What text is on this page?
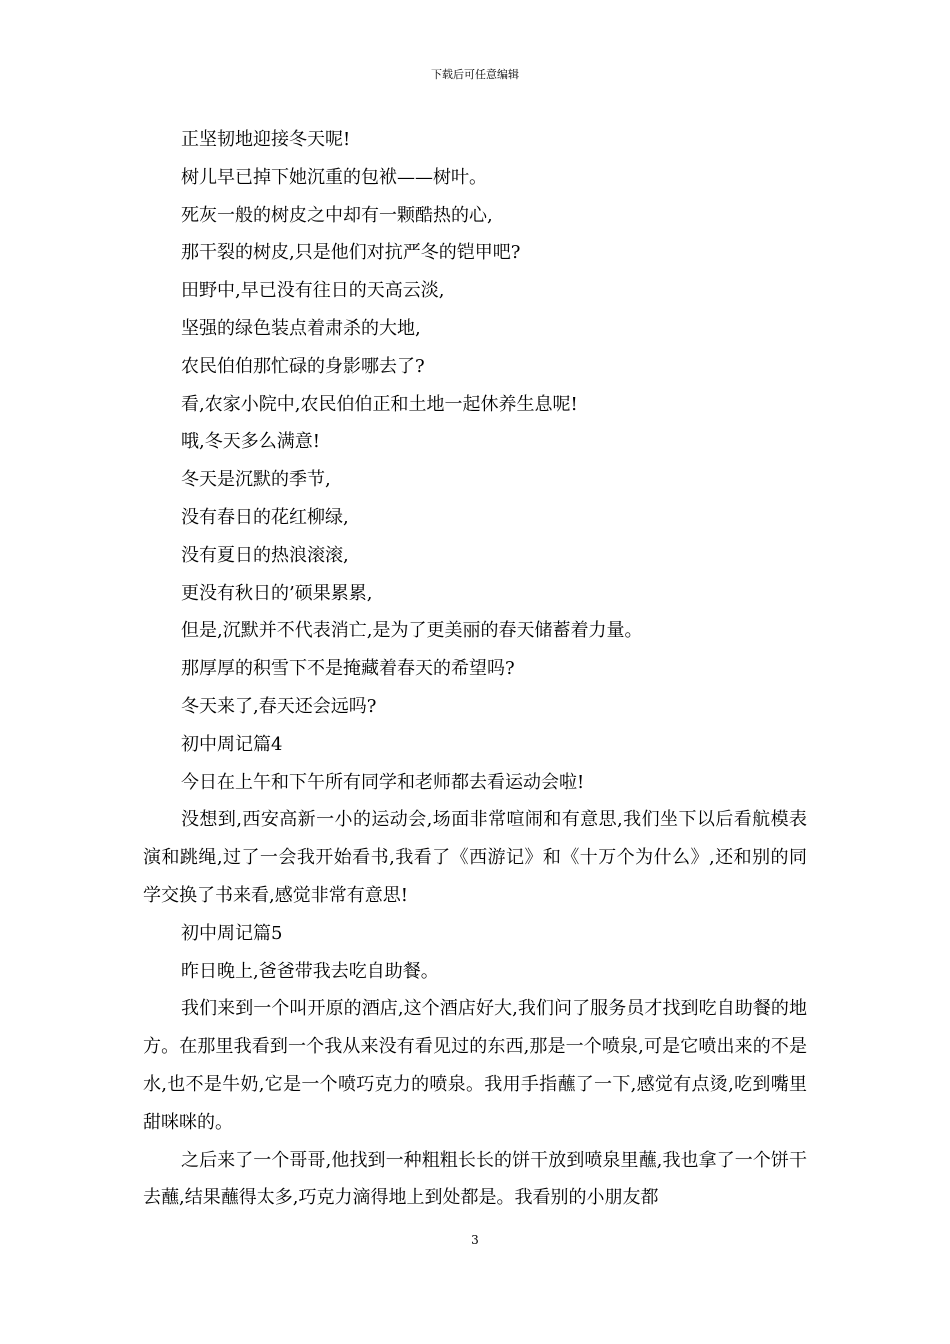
下载后可任意编辑
正坚韧地迎接冬天呢!
树儿早已掉下她沉重的包袱——树叶。
死灰一般的树皮之中却有一颗酷热的心,
那干裂的树皮,只是他们对抗严冬的铠甲吧?
田野中,早已没有往日的天高云淡,
坚强的绿色装点着肃杀的大地,
农民伯伯那忙碌的身影哪去了?
看,农家小院中,农民伯伯正和土地一起休养生息呢!
哦,冬天多么满意!
冬天是沉默的季节,
没有春日的花红柳绿,
没有夏日的热浪滚滚,
更没有秋日的’硕果累累,
但是,沉默并不代表消亡,是为了更美丽的春天储蓄着力量。
那厚厚的积雪下不是掩藏着春天的希望吗?
冬天来了,春天还会远吗?
初中周记篇4
今日在上午和下午所有同学和老师都去看运动会啦!
没想到,西安高新一小的运动会,场面非常喧闹和有意思,我们坐下以后看航模表演和跳绳,过了一会我开始看书,我看了《西游记》和《十万个为什么》,还和别的同学交换了书来看,感觉非常有意思!
初中周记篇5
昨日晚上,爸爸带我去吃自助餐。
我们来到一个叫开原的酒店,这个酒店好大,我们问了服务员才找到吃自助餐的地方。在那里我看到一个我从来没有看见过的东西,那是一个喷泉,可是它喷出来的不是水,也不是牛奶,它是一个喷巧克力的喷泉。我用手指蘸了一下,感觉有点烫,吃到嘴里甜咪咪的。
之后来了一个哥哥,他找到一种粗粗长长的饼干放到喷泉里蘸,我也拿了一个饼干去蘸,结果蘸得太多,巧克力滴得地上到处都是。我看别的小朋友都
3
